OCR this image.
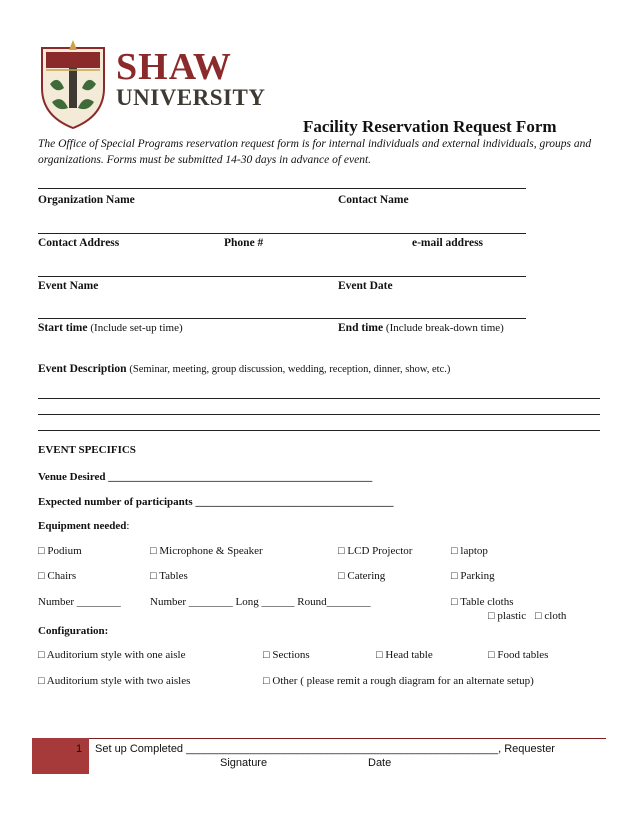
SHAW
UNIVERSITY
Facility Reservation Request Form
The Office of Special Programs reservation request form is for internal individuals and external individuals, groups and organizations. Forms must be submitted 14-30 days in advance of event.
Organization Name	Contact Name
Contact Address	Phone #	e-mail address
Event Name	Event Date
Start time (Include set-up time)	End time (Include break-down time)
Event Description (Seminar, meeting, group discussion, wedding, reception, dinner, show, etc.)
EVENT SPECIFICS
Venue Desired ________________________________________________
Expected number of participants ____________________________________
Equipment needed:
□ Podium	□ Microphone & Speaker	□ LCD Projector	□ laptop
□ Chairs	□ Tables	□ Catering	□ Parking
Number ________	Number ________ Long ______ Round________	□ Table cloths
□ plastic □ cloth
Configuration:
□ Auditorium style with one aisle	□ Sections	□ Head table	□ Food tables
□ Auditorium style with two aisles	□ Other ( please remit a rough diagram for an alternate setup)
1 Set up Completed ___________________________________________________, Requester
Signature	Date
